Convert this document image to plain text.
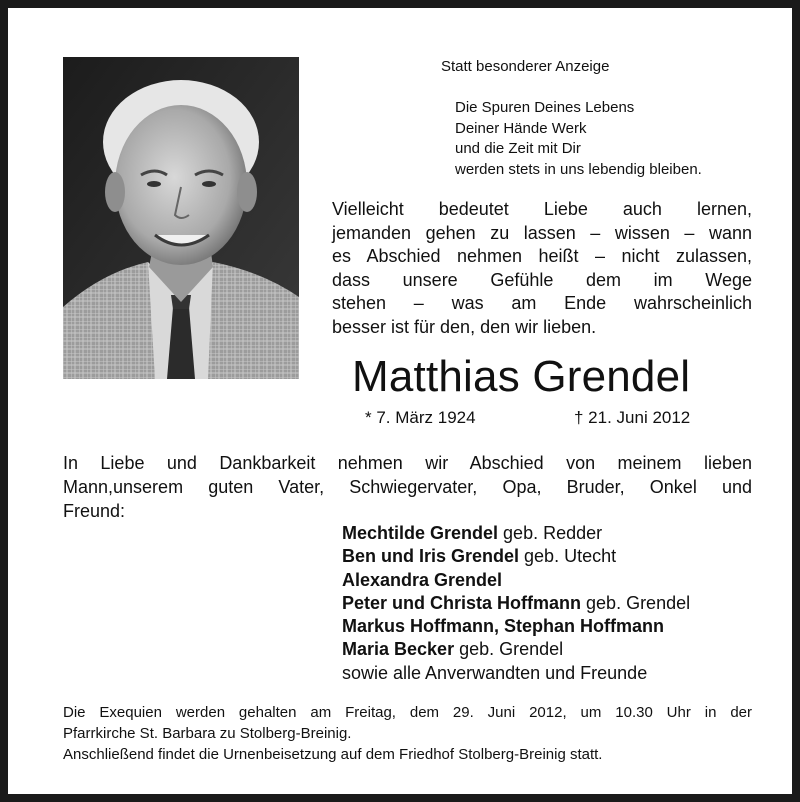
Statt besonderer Anzeige
Die Spuren Deines Lebens
Deiner Hände Werk
und die Zeit mit Dir
werden stets in uns lebendig bleiben.
Vielleicht bedeutet Liebe auch lernen,
jemanden gehen zu lassen – wissen – wann
es Abschied nehmen heißt – nicht zulassen,
dass unsere Gefühle dem im Wege
stehen – was am Ende wahrscheinlich
besser ist für den, den wir lieben.
Matthias Grendel
* 7. März 1924	† 21. Juni 2012
In Liebe und Dankbarkeit nehmen wir Abschied von meinem lieben
Mann,unserem guten Vater, Schwiegervater, Opa, Bruder, Onkel und
Freund:
Mechtilde Grendel geb. Redder
Ben und Iris Grendel geb. Utecht
Alexandra Grendel
Peter und Christa Hoffmann geb. Grendel
Markus Hoffmann, Stephan Hoffmann
Maria Becker geb. Grendel
sowie alle Anverwandten und Freunde
Die Exequien werden gehalten am Freitag, dem 29. Juni 2012, um 10.30 Uhr in der
Pfarrkirche St. Barbara zu Stolberg-Breinig.
Anschließend findet die Urnenbeisetzung auf dem Friedhof Stolberg-Breinig statt.
